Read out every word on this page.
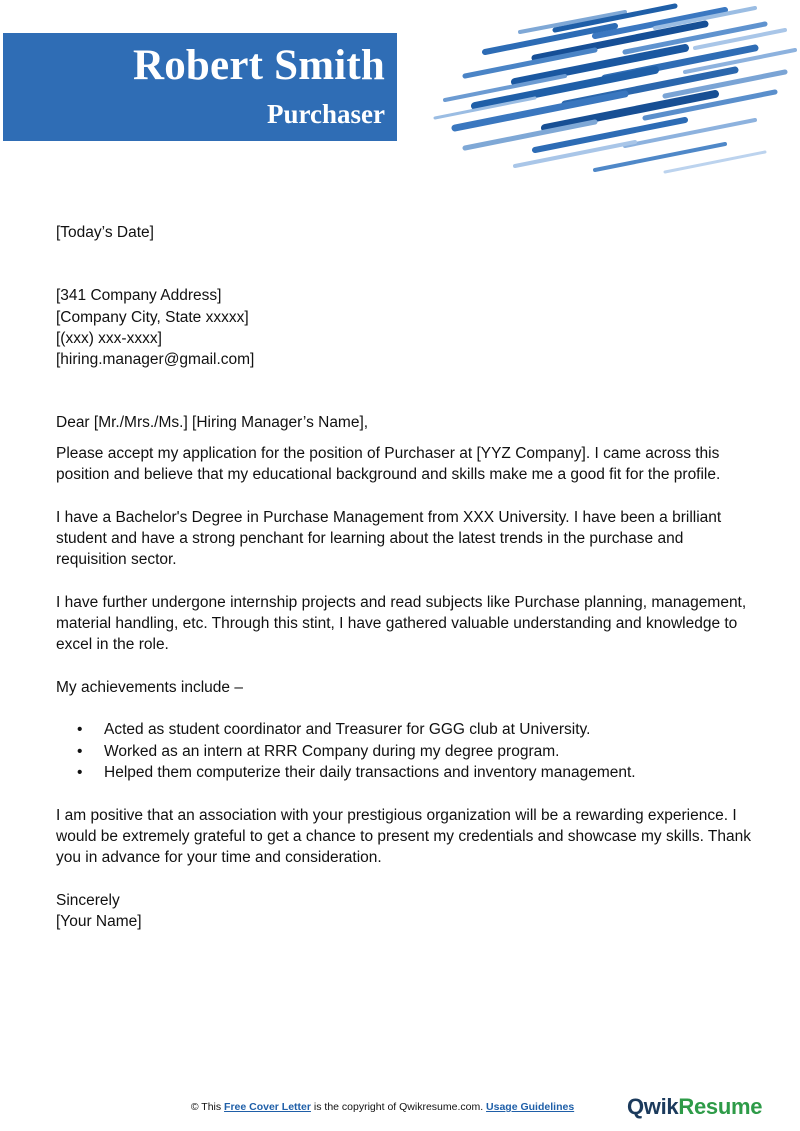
Robert Smith
Purchaser

[Today’s Date]

[341 Company Address]

[Company City, State xxxxx]

[(xxx) xxx-xxxx]

[hiring.manager@gmail.com]

Dear [Mr./Mrs./Ms.] [Hiring Manager’s Name],

Please accept my application for the position of Purchaser at [YYZ Company]. I came across this position and believe that my educational background and skills make me a good fit for the profile.

I have a Bachelor's Degree in Purchase Management from XXX University. I have been a brilliant student and have a strong penchant for learning about the latest trends in the purchase and requisition sector.

I have further undergone internship projects and read subjects like Purchase planning, management, material handling, etc. Through this stint, I have gathered valuable understanding and knowledge to excel in the role.

My achievements include –

• Acted as student coordinator and Treasurer for GGG club at University.
• Worked as an intern at RRR Company during my degree program.
• Helped them computerize their daily transactions and inventory management.

I am positive that an association with your prestigious organization will be a rewarding experience. I would be extremely grateful to get a chance to present my credentials and showcase my skills. Thank you in advance for your time and consideration.

Sincerely

[Your Name]

© This Free Cover Letter is the copyright of Qwikresume.com. Usage Guidelines	QwikResume
